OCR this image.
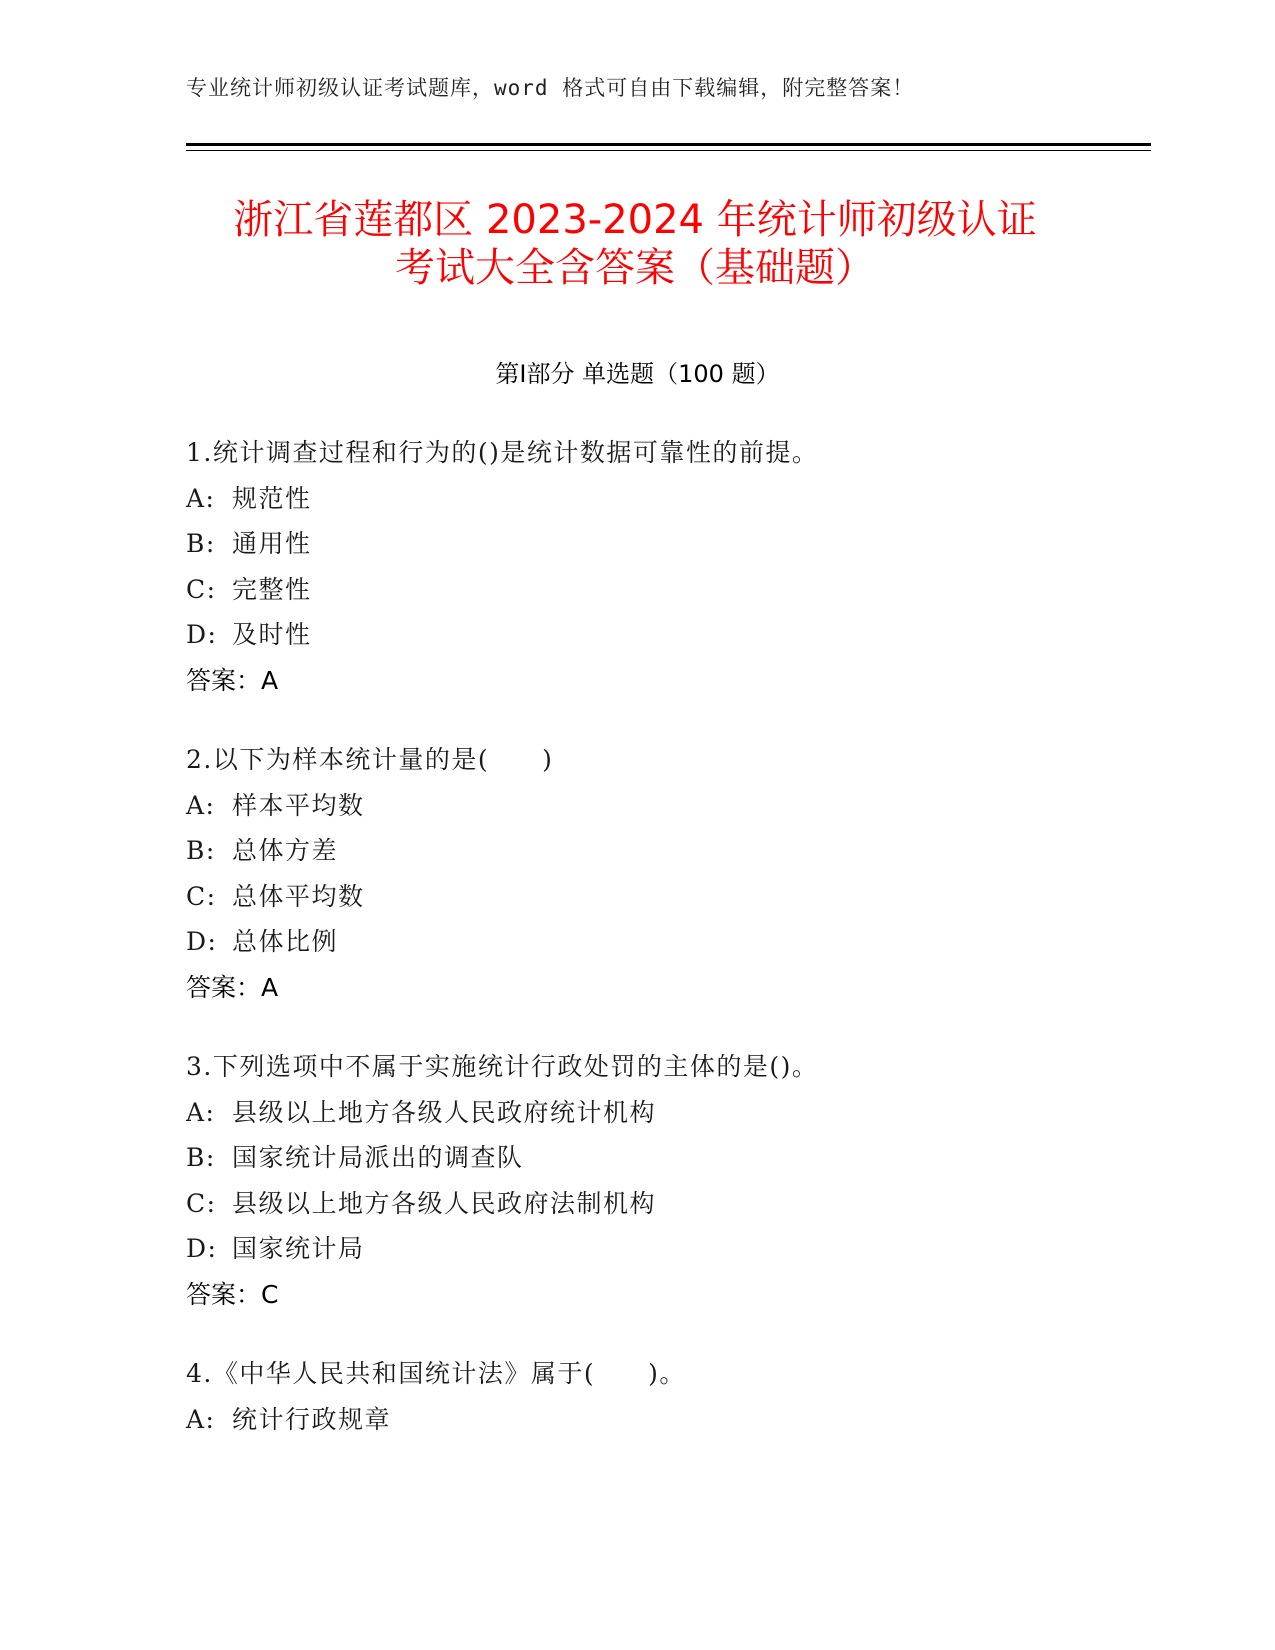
专业统计师初级认证考试题库，word 格式可自由下载编辑，附完整答案！
浙江省莲都区 2023-2024 年统计师初级认证
考试大全含答案（基础题）
第Ⅰ部分 单选题（100 题）
1.统计调查过程和行为的()是统计数据可靠性的前提。
A: 规范性
B: 通用性
C: 完整性
D: 及时性
答案：A
2.以下为样本统计量的是(　　)
A: 样本平均数
B: 总体方差
C: 总体平均数
D: 总体比例
答案：A
3.下列选项中不属于实施统计行政处罚的主体的是()。
A: 县级以上地方各级人民政府统计机构
B: 国家统计局派出的调查队
C: 县级以上地方各级人民政府法制机构
D: 国家统计局
答案：C
4.《中华人民共和国统计法》属于(　　)。
A: 统计行政规章
